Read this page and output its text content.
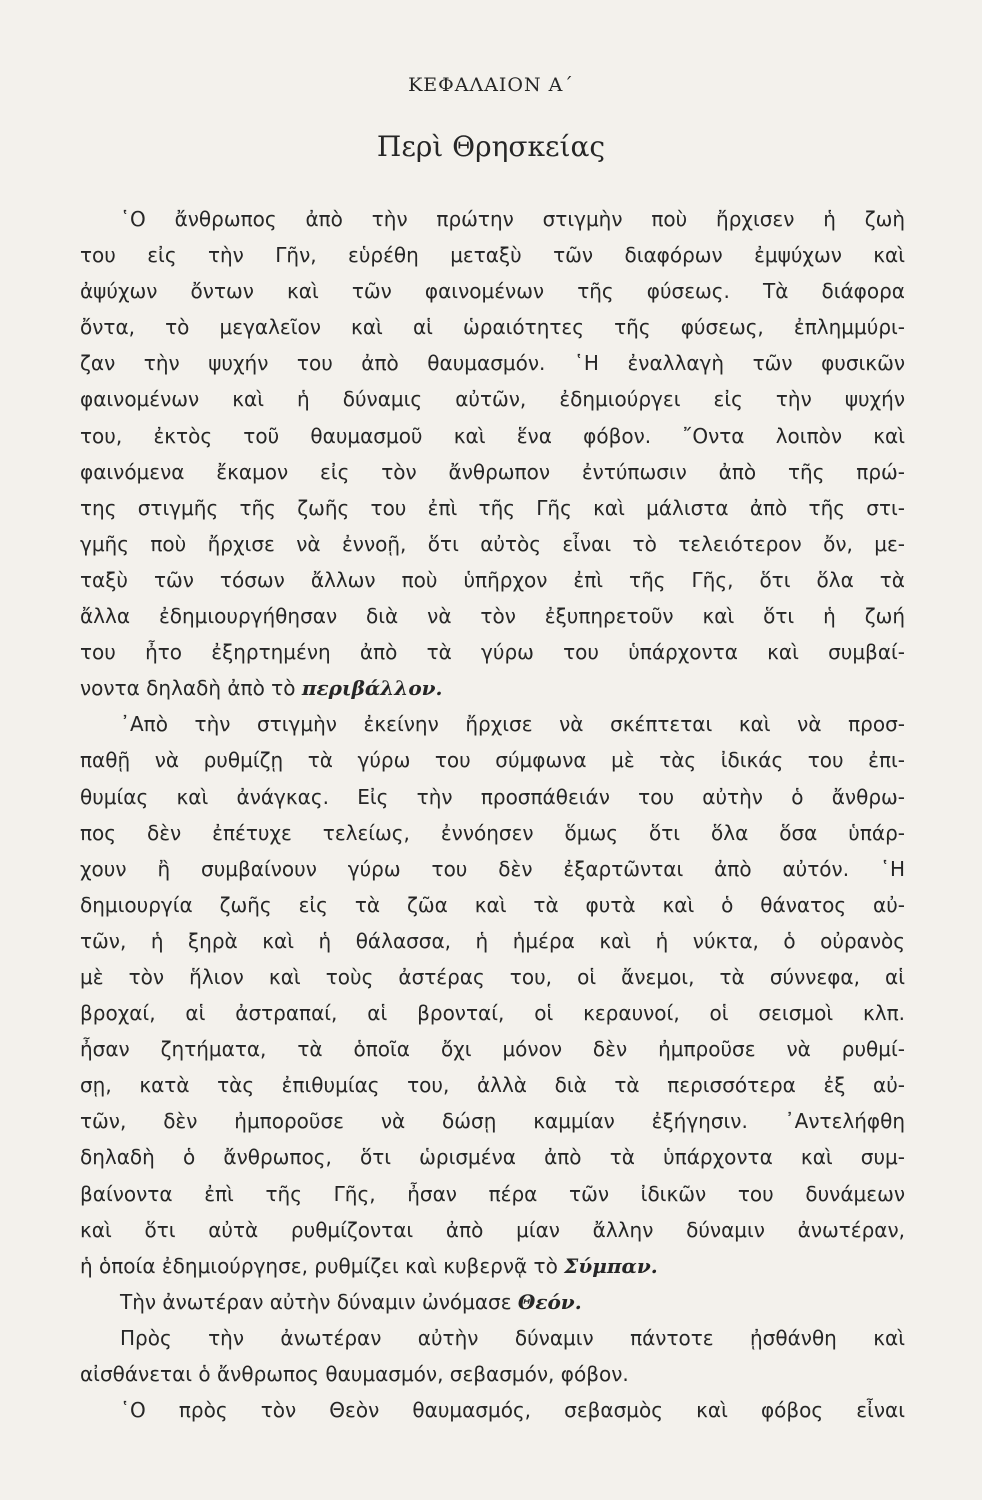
ΚΕΦΑΛΑΙΟΝ Α΄
Περὶ Θρησκείας
῾Ο ἄνθρωπος ἀπὸ τὴν πρώτην στιγμὴν ποὺ ἤρχισεν ἡ ζωὴ
του εἰς τὴν Γῆν, εὑρέθη μεταξὺ τῶν διαφόρων ἐμψύχων καὶ
ἀψύχων ὄντων καὶ τῶν φαινομένων τῆς φύσεως. Τὰ διάφορα
ὄντα, τὸ μεγαλεῖον καὶ αἱ ὡραιότητες τῆς φύσεως, ἐπλημμύρι-
ζαν τὴν ψυχήν του ἀπὸ θαυμασμόν. ῾Η ἐναλλαγὴ τῶν φυσικῶν
φαινομένων καὶ ἡ δύναμις αὐτῶν, ἐδημιούργει εἰς τὴν ψυχήν
του, ἐκτὸς τοῦ θαυμασμοῦ καὶ ἕνα φόβον. ῎Οντα λοιπὸν καὶ
φαινόμενα ἔκαμον εἰς τὸν ἄνθρωπον ἐντύπωσιν ἀπὸ τῆς πρώ-
της στιγμῆς τῆς ζωῆς του ἐπὶ τῆς Γῆς καὶ μάλιστα ἀπὸ τῆς στι-
γμῆς ποὺ ἤρχισε νὰ ἐννοῇ, ὅτι αὐτὸς εἶναι τὸ τελειότερον ὄν, με-
ταξὺ τῶν τόσων ἄλλων ποὺ ὑπῆρχον ἐπὶ τῆς Γῆς, ὅτι ὅλα τὰ
ἄλλα ἐδημιουργήθησαν διὰ νὰ τὸν ἐξυπηρετοῦν καὶ ὅτι ἡ ζωή
του ἦτο ἐξηρτημένη ἀπὸ τὰ γύρω του ὑπάρχοντα καὶ συμβαί-
νοντα δηλαδὴ ἀπὸ τὸ περιβάλλον.
᾿Απὸ τὴν στιγμὴν ἐκείνην ἤρχισε νὰ σκέπτεται καὶ νὰ προσ-
παθῇ νὰ ρυθμίζῃ τὰ γύρω του σύμφωνα μὲ τὰς ἰδικάς του ἐπι-
θυμίας καὶ ἀνάγκας. Εἰς τὴν προσπάθειάν του αὐτὴν ὁ ἄνθρω-
πος δὲν ἐπέτυχε τελείως, ἐννόησεν ὅμως ὅτι ὅλα ὅσα ὑπάρ-
χουν ἢ συμβαίνουν γύρω του δὲν ἐξαρτῶνται ἀπὸ αὐτόν. ῾Η
δημιουργία ζωῆς εἰς τὰ ζῶα καὶ τὰ φυτὰ καὶ ὁ θάνατος αὐ-
τῶν, ἡ ξηρὰ καὶ ἡ θάλασσα, ἡ ἡμέρα καὶ ἡ νύκτα, ὁ οὐρανὸς
μὲ τὸν ἥλιον καὶ τοὺς ἀστέρας του, οἱ ἄνεμοι, τὰ σύννεφα, αἱ
βροχαί, αἱ ἀστραπαί, αἱ βρονταί, οἱ κεραυνοί, οἱ σεισμοὶ κλπ.
ἦσαν ζητήματα, τὰ ὁποῖα ὄχι μόνον δὲν ἠμπροῦσε νὰ ρυθμί-
σῃ, κατὰ τὰς ἐπιθυμίας του, ἀλλὰ διὰ τὰ περισσότερα ἐξ αὐ-
τῶν, δὲν ἠμποροῦσε νὰ δώσῃ καμμίαν ἐξήγησιν. ᾿Αντελήφθη
δηλαδὴ ὁ ἄνθρωπος, ὅτι ὡρισμένα ἀπὸ τὰ ὑπάρχοντα καὶ συμ-
βαίνοντα ἐπὶ τῆς Γῆς, ἦσαν πέρα τῶν ἰδικῶν του δυνάμεων
καὶ ὅτι αὐτὰ ρυθμίζονται ἀπὸ μίαν ἄλλην δύναμιν ἀνωτέραν,
ἡ ὁποία ἐδημιούργησε, ρυθμίζει καὶ κυβερνᾷ τὸ Σύμπαν.
Τὴν ἀνωτέραν αὐτὴν δύναμιν ὠνόμασε Θεόν.
Πρὸς τὴν ἀνωτέραν αὐτὴν δύναμιν πάντοτε ᾐσθάνθη καὶ
αἰσθάνεται ὁ ἄνθρωπος θαυμασμόν, σεβασμόν, φόβον.
῾Ο πρὸς τὸν Θεὸν θαυμασμός, σεβασμὸς καὶ φόβος εἶναι
